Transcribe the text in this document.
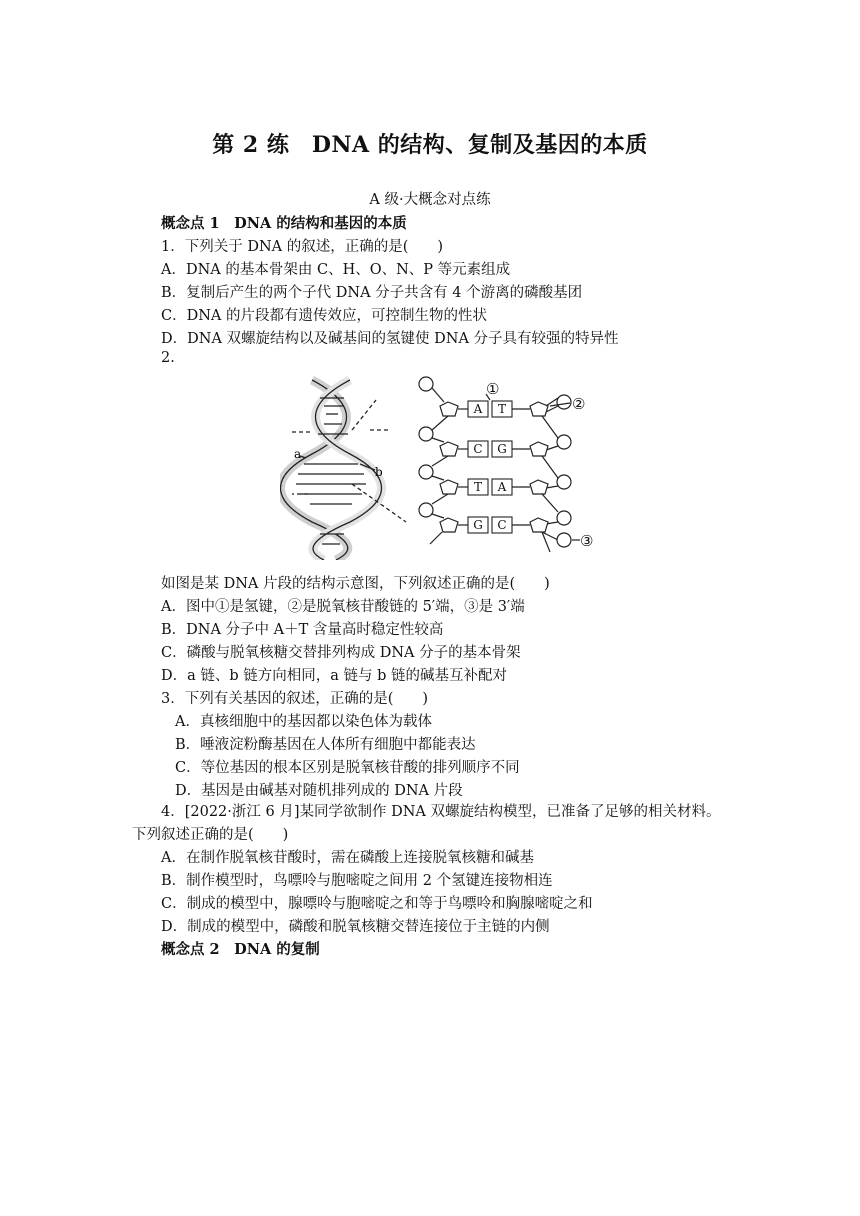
第 2 练　DNA 的结构、复制及基因的本质
A 级·大概念对点练
概念点 1　DNA 的结构和基因的本质
1．下列关于 DNA 的叙述，正确的是(　　)
A．DNA 的基本骨架由 C、H、O、N、P 等元素组成
B．复制后产生的两个子代 DNA 分子共含有 4 个游离的磷酸基团
C．DNA 的片段都有遗传效应，可控制生物的性状
D．DNA 双螺旋结构以及碱基间的氢键使 DNA 分子具有较强的特异性
2.
a
b
A T
C G
T A
G C
①
②
③
如图是某 DNA 片段的结构示意图，下列叙述正确的是(　　)
A．图中①是氢键，②是脱氧核苷酸链的 5′端，③是 3′端
B．DNA 分子中 A＋T 含量高时稳定性较高
C．磷酸与脱氧核糖交替排列构成 DNA 分子的基本骨架
D．a 链、b 链方向相同，a 链与 b 链的碱基互补配对
3．下列有关基因的叙述，正确的是(　　)
A．真核细胞中的基因都以染色体为载体
B．唾液淀粉酶基因在人体所有细胞中都能表达
C．等位基因的根本区别是脱氧核苷酸的排列顺序不同
D．基因是由碱基对随机排列成的 DNA 片段
4．[2022·浙江 6 月]某同学欲制作 DNA 双螺旋结构模型，已准备了足够的相关材料。
下列叙述正确的是(　　)
A．在制作脱氧核苷酸时，需在磷酸上连接脱氧核糖和碱基
B．制作模型时，鸟嘌呤与胞嘧啶之间用 2 个氢键连接物相连
C．制成的模型中，腺嘌呤与胞嘧啶之和等于鸟嘌呤和胸腺嘧啶之和
D．制成的模型中，磷酸和脱氧核糖交替连接位于主链的内侧
概念点 2　DNA 的复制
